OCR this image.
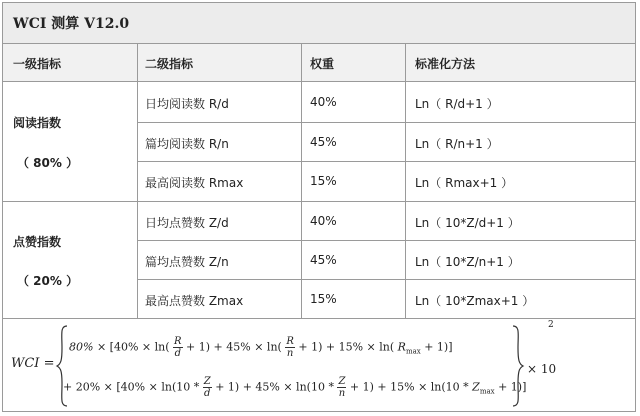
WCI 测算 V12.0
一级指标	二级指标	权重	标准化方法
阅读指数
（ 80% ）
日均阅读数 R/d	40%	Ln（ R/d+1 ）
篇均阅读数 R/n	45%	Ln（ R/n+1 ）
最高阅读数 Rmax	15%	Ln（ Rmax+1 ）
点赞指数
（ 20% ）
日均点赞数 Z/d	40%	Ln（ 10*Z/d+1 ）
篇均点赞数 Z/n	45%	Ln（ 10*Z/n+1 ）
最高点赞数 Zmax	15%	Ln（ 10*Zmax+1 ）
WCI =
$80\% \times [40\% \times \ln( \frac{R}{d} + 1) + 45\% \times \ln( \frac{R}{n} + 1) + 15\% \times \ln$( $R_{max} + 1$)]
+ $20\% \times [40\% \times \ln(10 * \frac{Z}{d} + 1) + 45\% \times \ln(10 * \frac{Z}{n} + 1) + 15\% \times \ln(10 * Z_{max} + 1)]$
2
× 10
